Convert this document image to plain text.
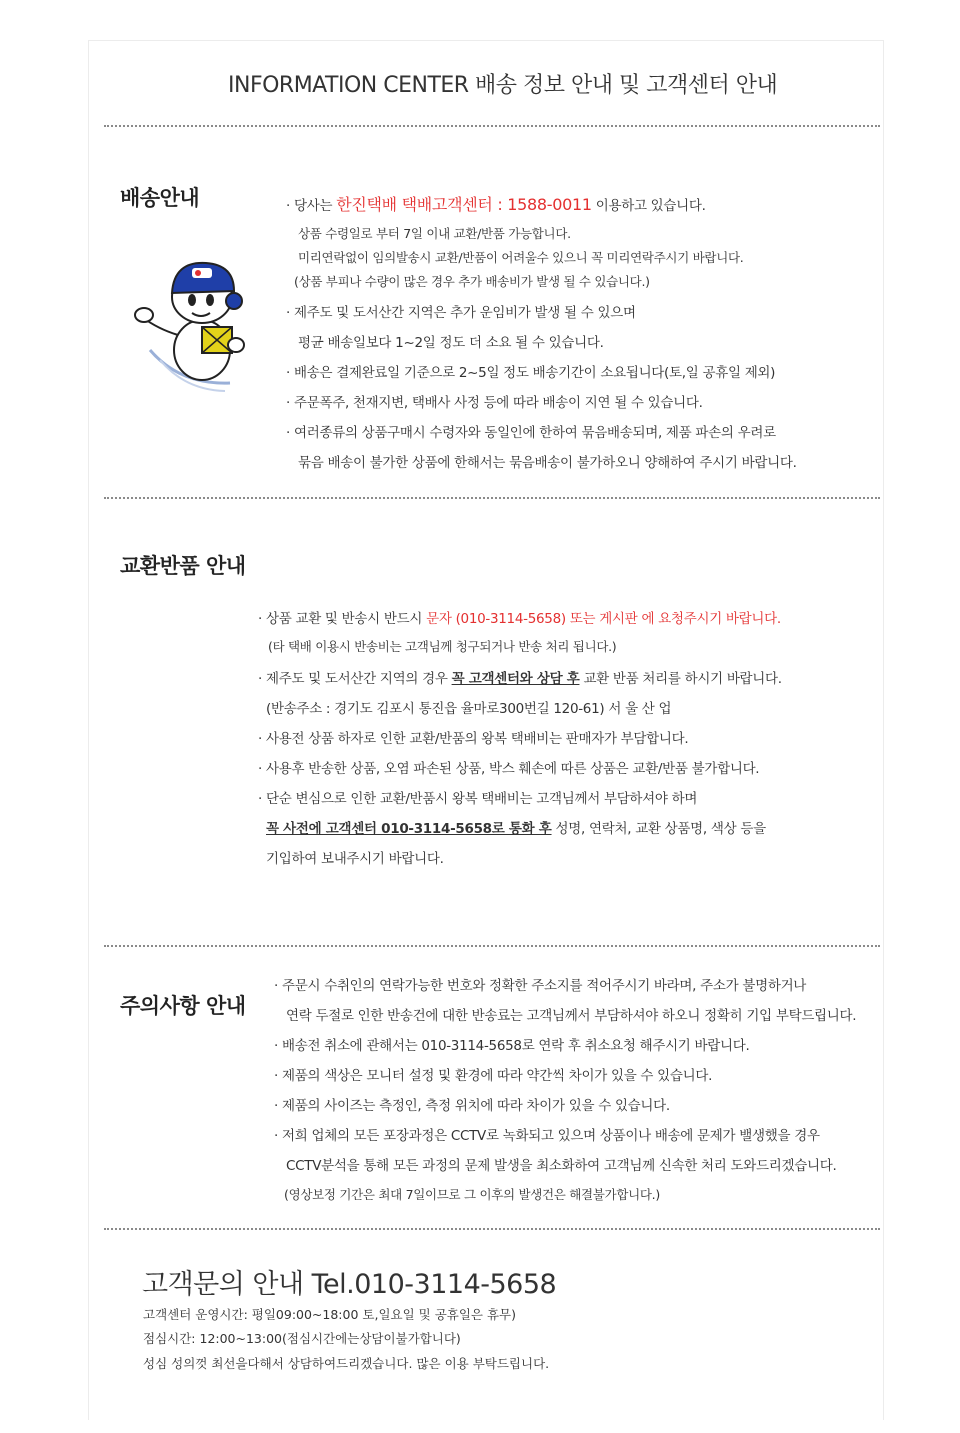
INFORMATION CENTER 배송 정보 안내 및 고객센터 안내
배송안내	· 당사는 한진택배 택배고객센터 : 1588-0011 이용하고 있습니다.
상품 수령일로 부터 7일 이내 교환/반품 가능합니다.
미리연락없이 임의발송시 교환/반품이 어려울수 있으니 꼭 미리연락주시기 바랍니다.
(상품 부피나 수량이 많은 경우 추가 배송비가 발생 될 수 있습니다.)
· 제주도 및 도서산간 지역은 추가 운임비가 발생 될 수 있으며
평균 배송일보다 1~2일 정도 더 소요 될 수 있습니다.
· 배송은 결제완료일 기준으로 2~5일 정도 배송기간이 소요됩니다(토,일 공휴일 제외)
· 주문폭주, 천재지변, 택배사 사정 등에 따라 배송이 지연 될 수 있습니다.
· 여러종류의 상품구매시 수령자와 동일인에 한하여 묶음배송되며, 제품 파손의 우려로
묶음 배송이 불가한 상품에 한해서는 묶음배송이 불가하오니 양해하여 주시기 바랍니다.
교환반품 안내
· 상품 교환 및 반송시 반드시 문자 (010-3114-5658) 또는 게시판 에 요청주시기 바랍니다.
(타 택배 이용시 반송비는 고객님께 청구되거나 반송 처리 됩니다.)
· 제주도 및 도서산간 지역의 경우 꼭 고객센터와 상담 후 교환 반품 처리를 하시기 바랍니다.
(반송주소 : 경기도 김포시 통진읍 율마로300번길 120-61) 서 울 산 업
· 사용전 상품 하자로 인한 교환/반품의 왕복 택배비는 판매자가 부담합니다.
· 사용후 반송한 상품, 오염 파손된 상품, 박스 훼손에 따른 상품은 교환/반품 불가합니다.
· 단순 변심으로 인한 교환/반품시 왕복 택배비는 고객님께서 부담하셔야 하며
꼭 사전에 고객센터 010-3114-5658로 통화 후 성명, 연락처, 교환 상품명, 색상 등을
기입하여 보내주시기 바랍니다.
주의사항 안내
· 주문시 수취인의 연락가능한 번호와 정확한 주소지를 적어주시기 바라며, 주소가 불명하거나
연락 두절로 인한 반송건에 대한 반송료는 고객님께서 부담하셔야 하오니 정확히 기입 부탁드립니다.
· 배송전 취소에 관해서는 010-3114-5658로 연락 후 취소요청 해주시기 바랍니다.
· 제품의 색상은 모니터 설정 및 환경에 따라 약간씩 차이가 있을 수 있습니다.
· 제품의 사이즈는 측정인, 측정 위치에 따라 차이가 있을 수 있습니다.
· 저희 업체의 모든 포장과정은 CCTV로 녹화되고 있으며 상품이나 배송에 문제가 밸생했을 경우
CCTV분석을 통해 모든 과정의 문제 발생을 최소화하여 고객님께 신속한 처리 도와드리겠습니다.
(영상보정 기간은 최대 7일이므로 그 이후의 발생건은 해결불가합니다.)
고객문의 안내 Tel.010-3114-5658
고객센터 운영시간: 평일09:00~18:00 토,일요일 및 공휴일은 휴무)
점심시간: 12:00~13:00(점심시간에는상담이불가합니다)
성심 성의껏 최선을다해서 상담하여드리겠습니다. 많은 이용 부탁드립니다.
